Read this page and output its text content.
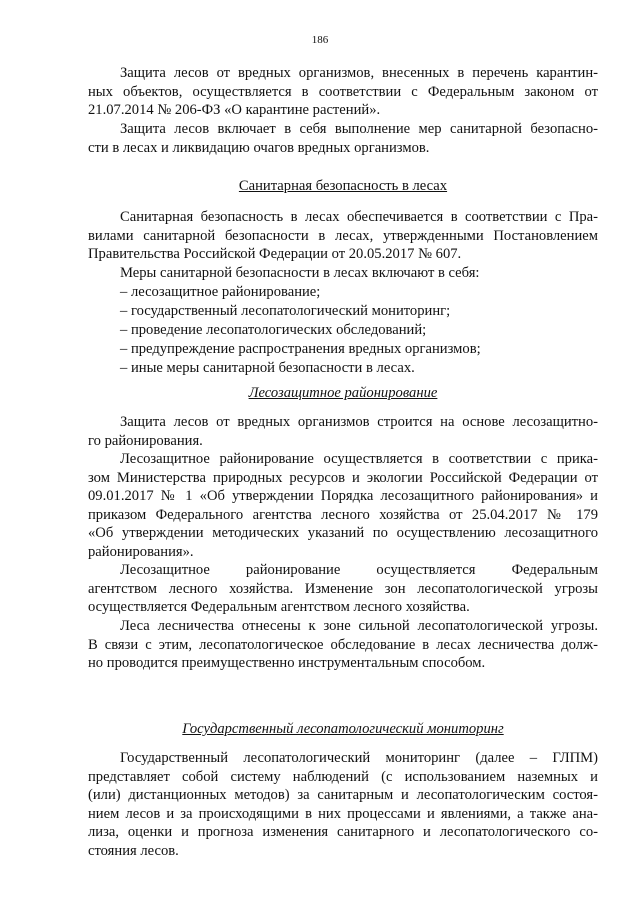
186
Защита лесов от вредных организмов, внесенных в перечень карантин-
ных объектов, осуществляется в соответствии с Федеральным законом от
21.07.2014 № 206-ФЗ «О карантине растений».
Защита лесов включает в себя выполнение мер санитарной безопасно-
сти в лесах и ликвидацию очагов вредных организмов.
Санитарная безопасность в лесах
Санитарная безопасность в лесах обеспечивается в соответствии с Пра-
вилами санитарной безопасности в лесах, утвержденными Постановлением
Правительства Российской Федерации от 20.05.2017 № 607.
Меры санитарной безопасности в лесах включают в себя:
– лесозащитное районирование;
– государственный лесопатологический мониторинг;
– проведение лесопатологических обследований;
– предупреждение распространения вредных организмов;
– иные меры санитарной безопасности в лесах.
Лесозащитное районирование
Защита лесов от вредных организмов строится на основе лесозащитно-
го районирования.
Лесозащитное районирование осуществляется в соответствии с прика-
зом Министерства природных ресурсов и экологии Российской Федерации от
09.01.2017 № 1 «Об утверждении Порядка лесозащитного районирования» и
приказом Федерального агентства лесного хозяйства от 25.04.2017 № 179
«Об утверждении методических указаний по осуществлению лесозащитного
районирования».
Лесозащитное районирование осуществляется Федеральным
агентством лесного хозяйства. Изменение зон лесопатологической угрозы
осуществляется Федеральным агентством лесного хозяйства.
Леса лесничества отнесены к зоне сильной лесопатологической угрозы.
В связи с этим, лесопатологическое обследование в лесах лесничества долж-
но проводится преимущественно инструментальным способом.
Государственный лесопатологический мониторинг
Государственный лесопатологический мониторинг (далее – ГЛПМ)
представляет собой систему наблюдений (с использованием наземных и
(или) дистанционных методов) за санитарным и лесопатологическим состоя-
нием лесов и за происходящими в них процессами и явлениями, а также ана-
лиза, оценки и прогноза изменения санитарного и лесопатологического со-
стояния лесов.
